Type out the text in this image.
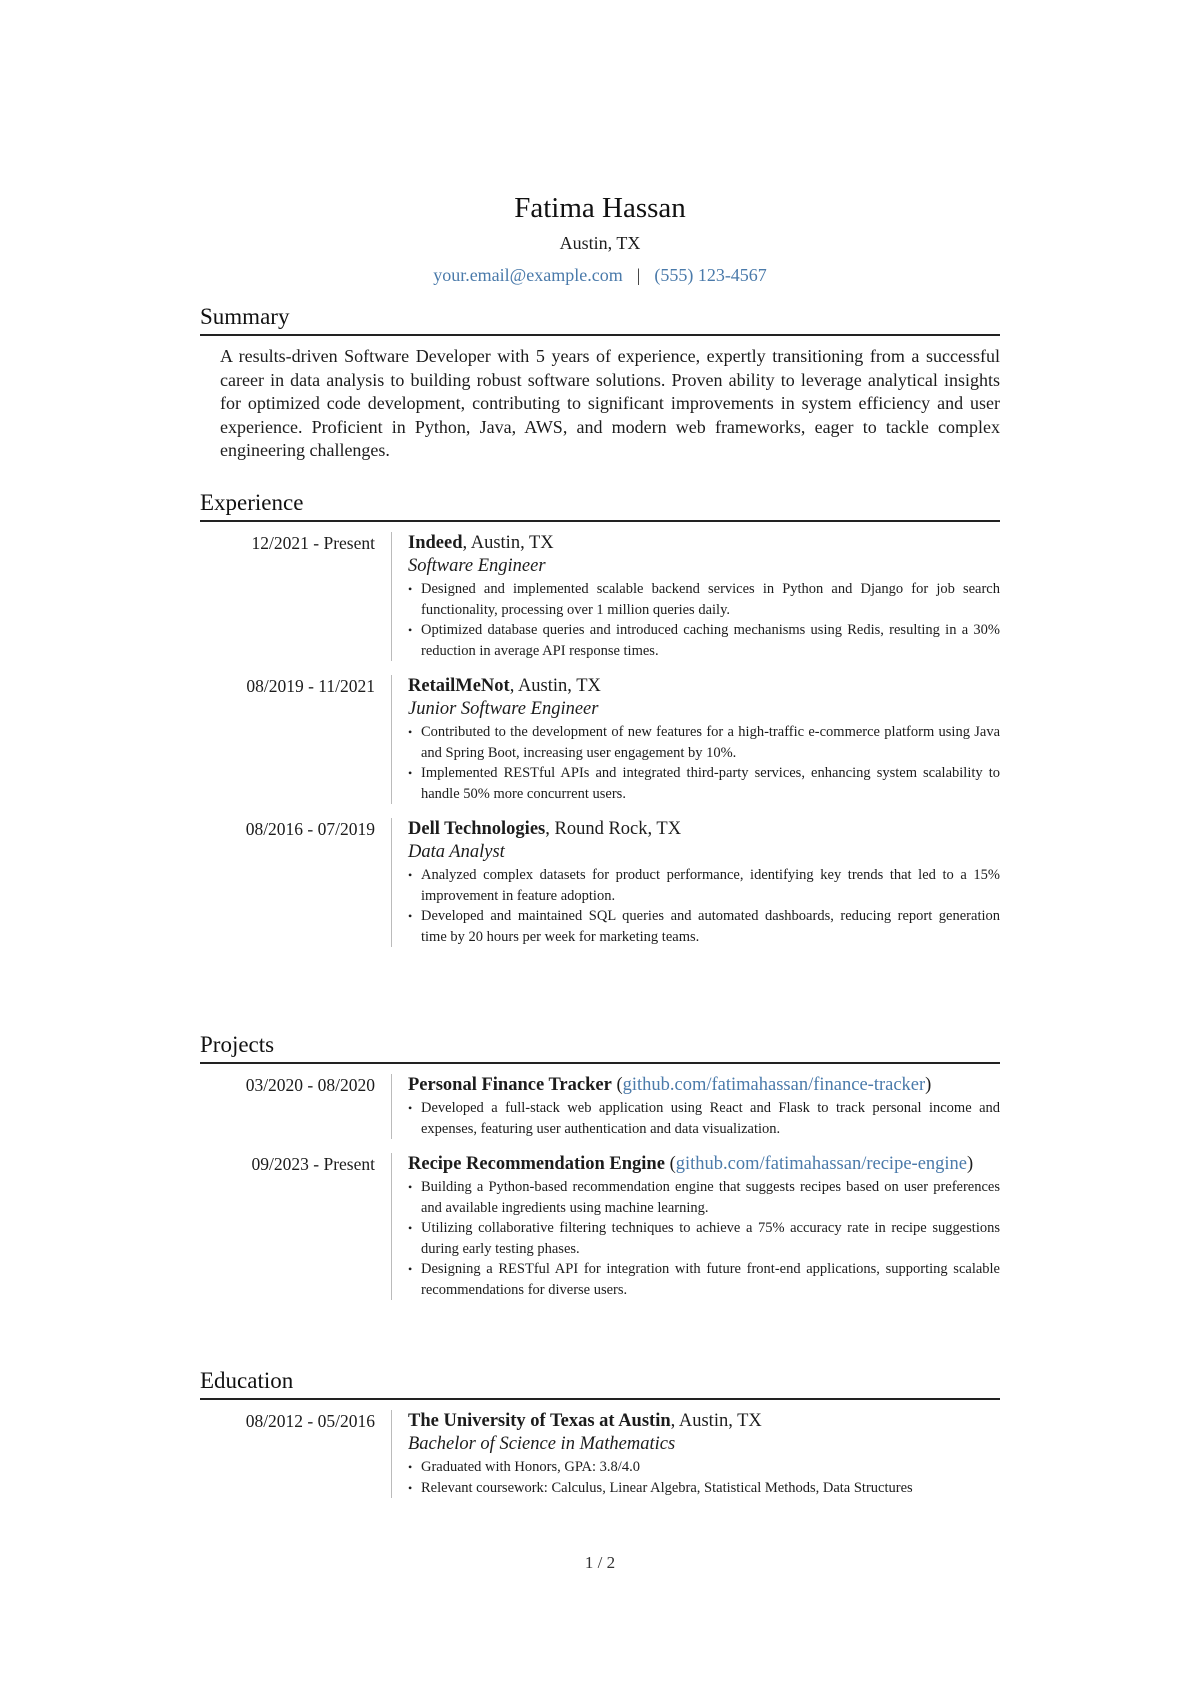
Fatima Hassan
Austin, TX
your.email@example.com | (555) 123-4567
Summary

A results-driven Software Developer with 5 years of experience, expertly transitioning from a successful career in data analysis to building robust software solutions. Proven ability to leverage analytical insights for optimized code development, contributing to significant improvements in system efficiency and user experience. Proficient in Python, Java, AWS, and modern web frameworks, eager to tackle complex engineering challenges.

Experience
12/2021 - Present Indeed, Austin, TX
Software Engineer
• Designed and implemented scalable backend services in Python and Django for job search functionality, processing over 1 million queries daily.
• Optimized database queries and introduced caching mechanisms using Redis, resulting in a 30% reduction in average API response times.
08/2019 - 11/2021 RetailMeNot, Austin, TX
Junior Software Engineer
• Contributed to the development of new features for a high-traffic e-commerce platform using Java and Spring Boot, increasing user engagement by 10%.
• Implemented RESTful APIs and integrated third-party services, enhancing system scalability to handle 50% more concurrent users.
08/2016 - 07/2019 Dell Technologies, Round Rock, TX
Data Analyst
• Analyzed complex datasets for product performance, identifying key trends that led to a 15% improvement in feature adoption.
• Developed and maintained SQL queries and automated dashboards, reducing report generation time by 20 hours per week for marketing teams.
Projects
03/2020 - 08/2020 Personal Finance Tracker (github.com/fatimahassan/finance-tracker)
• Developed a full-stack web application using React and Flask to track personal income and expenses, featuring user authentication and data visualization.
09/2023 - Present Recipe Recommendation Engine (github.com/fatimahassan/recipe-engine)
• Building a Python-based recommendation engine that suggests recipes based on user preferences and available ingredients using machine learning.
• Utilizing collaborative filtering techniques to achieve a 75% accuracy rate in recipe suggestions during early testing phases.
• Designing a RESTful API for integration with future front-end applications, supporting scalable recommendations for diverse users.
Education
08/2012 - 05/2016 The University of Texas at Austin, Austin, TX
Bachelor of Science in Mathematics
• Graduated with Honors, GPA: 3.8/4.0
• Relevant coursework: Calculus, Linear Algebra, Statistical Methods, Data Structures
1 / 2
